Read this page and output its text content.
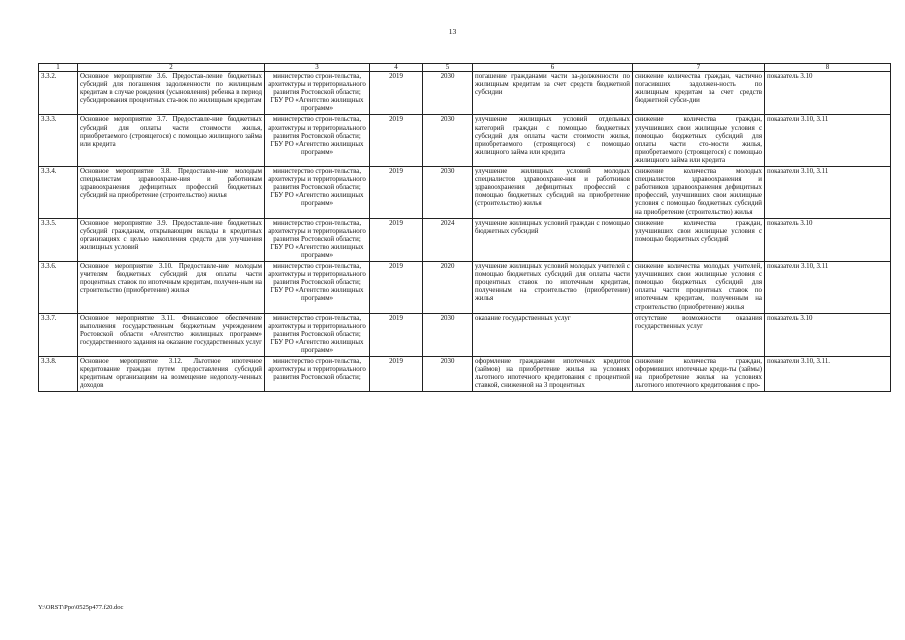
13
1	2	3	4	5	6	7	8
3.3.2.	Основное мероприятие 3.6. Предостав-ление бюджетных субсидий для погашения задолженности по жилищным кредитам в случае рождения (усыновления) ребенка в период субсидирования процентных ста-вок по жилищным кредитам	министерство строи-тельства, архитектуры и территориального развития Ростовской области; ГБУ РО «Агентство жилищных программ»	2019	2030	погашение гражданами части за-долженности по жилищным кредитам за счет средств бюджетной субсидии	снижение количества граждан, частично погасивших задолжен-ность по жилищным кредитам за счет средств бюджетной субси-дии	показатель 3.10
3.3.3.	Основное мероприятие 3.7. Предоставле-ние бюджетных субсидий для оплаты части стоимости жилья, приобретаемого (строящегося) с помощью жилищного займа или кредита	министерство строи-тельства, архитектуры и территориального развития Ростовской области; ГБУ РО «Агентство жилищных программ»	2019	2030	улучшение жилищных условий отдельных категорий граждан с помощью бюджетных субсидий для оплаты части стоимости жилья, приобретаемого (строящегося) с помощью жилищного займа или кредита	снижение количества граждан, улучшивших свои жилищные условия с помощью бюджетных субсидий для оплаты части сто-мости жилья, приобретаемого (строящегося) с помощью жилищного займа или кредита	показатели 3.10, 3.11
3.3.4.	Основное мероприятие 3.8. Предоставле-ние молодым специалистам здравоохране-ния и работникам здравоохранения дефицитных профессий бюджетных субсидий на приобретение (строительство) жилья	министерство строи-тельства, архитектуры и территориального развития Ростовской области; ГБУ РО «Агентство жилищных программ»	2019	2030	улучшение жилищных условий молодых специалистов здравоохране-ния и работников здравоохранения дефицитных профессий с помощью бюджетных субсидий на приобретение (строительство) жилья	снижение количества молодых специалистов здравоохранения и работников здравоохранения дефицитных профессий, улучшивших свои жилищные условия с помощью бюджетных субсидий на приобретение (строительство) жилья	показатели 3.10, 3.11
3.3.5.	Основное мероприятие 3.9. Предоставле-ние бюджетных субсидий гражданам, открывающим вклады в кредитных организациях с целью накопления средств для улучшения жилищных условий	министерство строи-тельства, архитектуры и территориального развития Ростовской области; ГБУ РО «Агентство жилищных программ»	2019	2024	улучшение жилищных условий граждан с помощью бюджетных субсидий	снижение количества граждан, улучшивших свои жилищные условия с помощью бюджетных субсидий	показатель 3.10
3.3.6.	Основное мероприятие 3.10. Предоставле-ние молодым учителям бюджетных субсидий для оплаты части процентных ставок по ипотечным кредитам, получен-ным на строительство (приобретение) жилья	министерство строи-тельства, архитектуры и территориального развития Ростовской области; ГБУ РО «Агентство жилищных программ»	2019	2020	улучшение жилищных условий молодых учителей с помощью бюджетных субсидий для оплаты части процентных ставок по ипотечным кредитам, полученным на строительство (приобретение) жилья	снижение количества молодых учителей, улучшивших свои жилищные условия с помощью бюджетных субсидий для оплаты части процентных ставок по ипотечным кредитам, полученным на строительство (приобретение) жилья	показатели 3.10, 3.11
3.3.7.	Основное мероприятие 3.11. Финансовое обеспечение выполнения государственным бюджетным учреждением Ростовской области «Агентство жилищных программ» государственного задания на оказание государственных услуг	министерство строи-тельства, архитектуры и территориального развития Ростовской области; ГБУ РО «Агентство жилищных программ»	2019	2030	оказание государственных услуг	отсутствие возможности оказания государственных услуг	показатель 3.10
3.3.8.	Основное мероприятие 3.12. Льготное ипотечное кредитование граждан путем предоставления субсидий кредитным организациям на возмещение недополу-ченных доходов	министерство строи-тельства, архитектуры и территориального развития Ростовской области;	2019	2030	оформление гражданами ипотечных кредитов (займов) на приобретение жилья на условиях льготного ипотечного кредитования с процентной ставкой, сниженной на 3 процентных	снижение количества граждан, оформивших ипотечные креди-ты (займы) на приобретение жилья на условиях льготного ипотечного кредитования с про-	показатели 3.10, 3.11.
Y:\ORST\Ppo\0525p477.f20.doc
